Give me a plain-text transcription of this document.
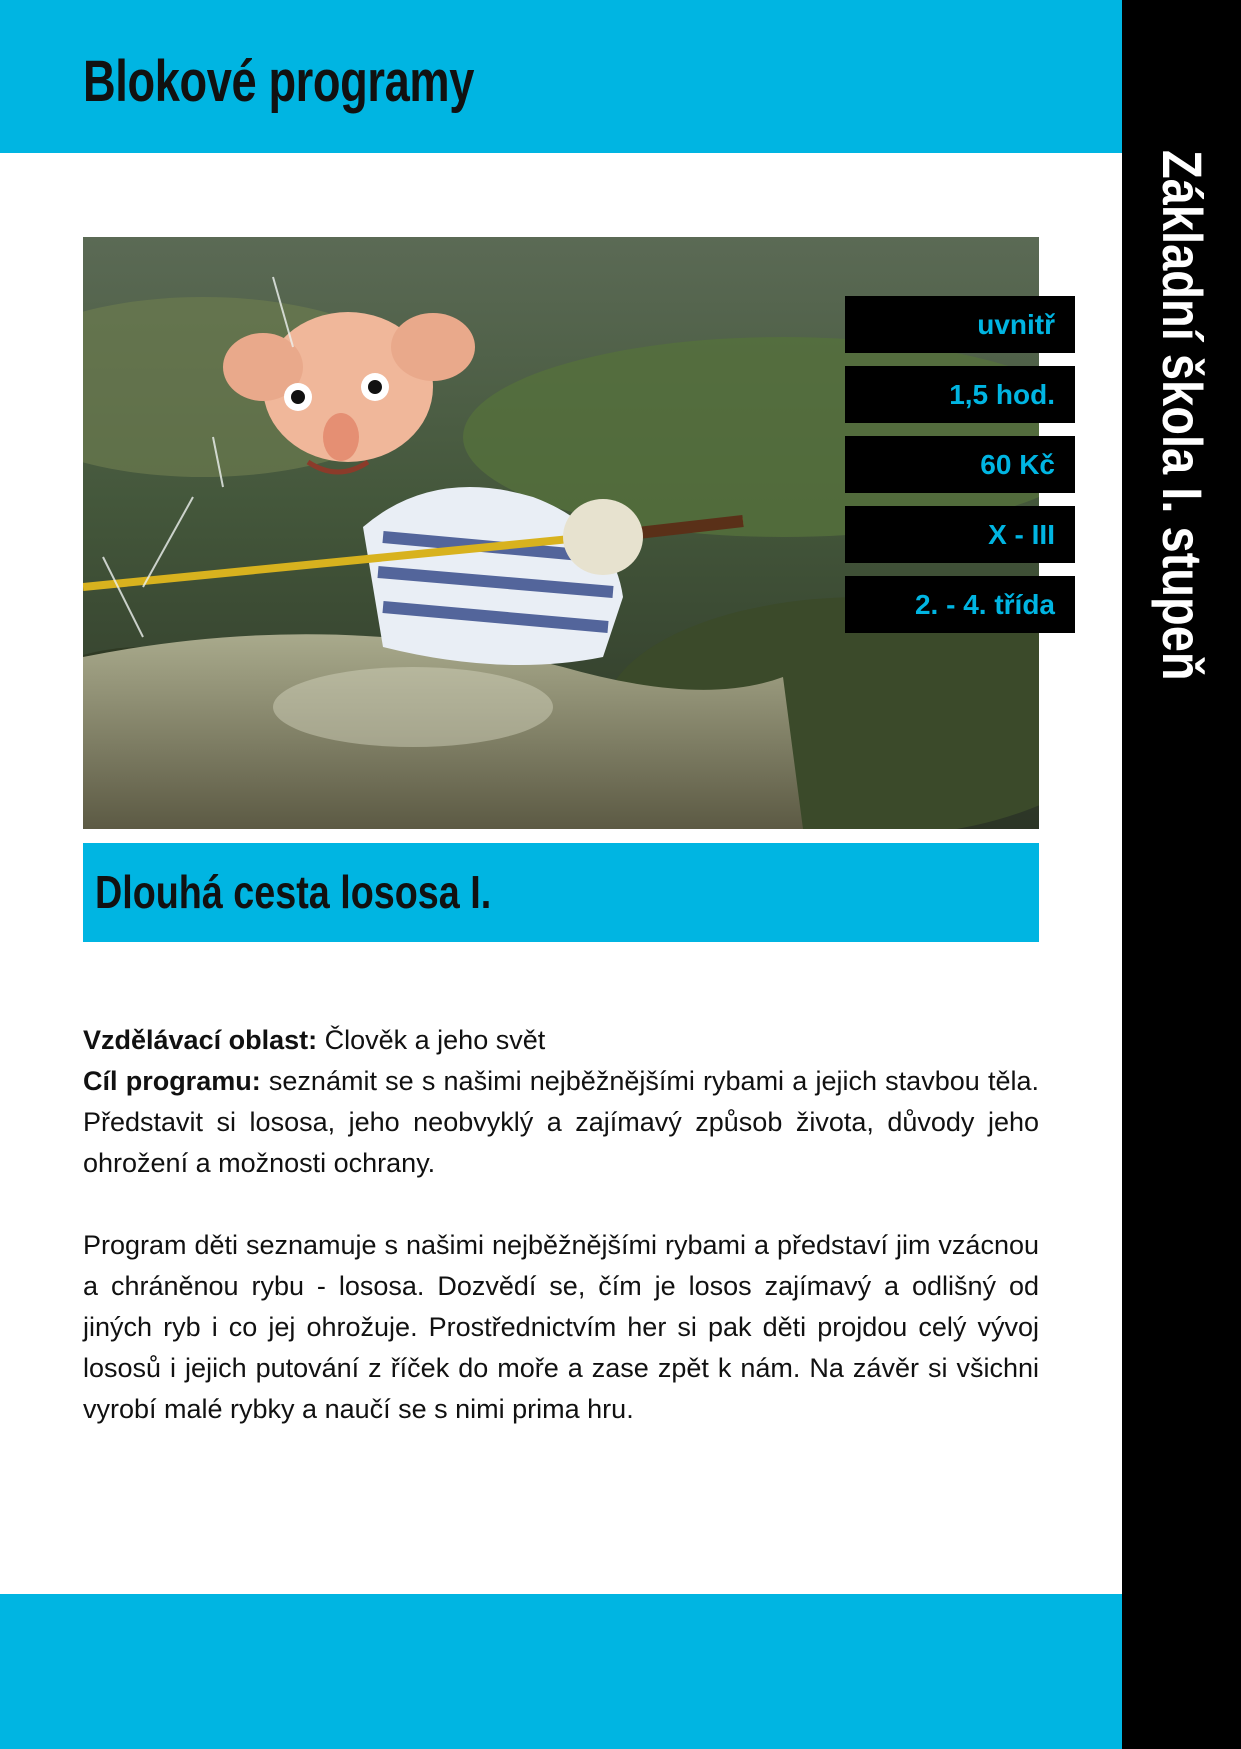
Blokové programy
Základní škola I. stupeň
uvnitř
1,5 hod.
60 Kč
X - III
2. - 4. třída
Dlouhá cesta lososa I.

Vzdělávací oblast: Člověk a jeho svět

Cíl programu: seznámit se s našimi nejběžnějšími rybami a jejich stavbou těla. Představit si lososa, jeho neobvyklý a zajímavý způsob života, důvody jeho ohrožení a možnosti ochrany.

Program děti seznamuje s našimi nejběžnějšími rybami a představí jim vzácnou a chráněnou rybu - lososa. Dozvědí se, čím je losos zajímavý a odlišný od jiných ryb i co jej ohrožuje. Prostřednictvím her si pak děti projdou celý vývoj lososů i jejich putování z říček do moře a zase zpět k nám. Na závěr si všichni vyrobí malé rybky a naučí se s nimi prima hru.
